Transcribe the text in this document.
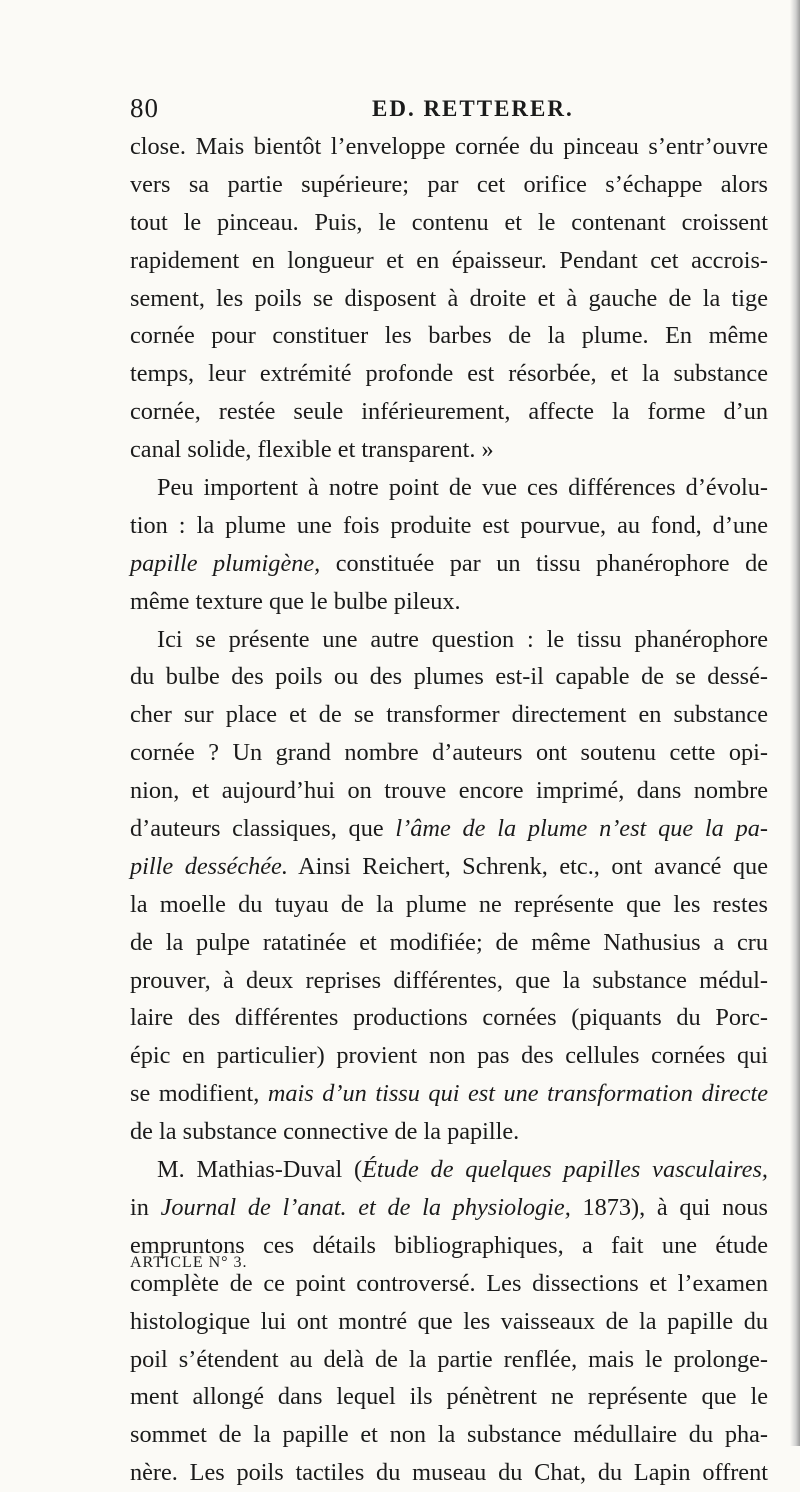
80	ED. RETTERER.
close. Mais bientôt l’enveloppe cornée du pinceau s’entr’ouvre
vers sa partie supérieure; par cet orifice s’échappe alors
tout le pinceau. Puis, le contenu et le contenant croissent
rapidement en longueur et en épaisseur. Pendant cet accrois-
sement, les poils se disposent à droite et à gauche de la tige
cornée pour constituer les barbes de la plume. En même
temps, leur extrémité profonde est résorbée, et la substance
cornée, restée seule inférieurement, affecte la forme d’un
canal solide, flexible et transparent. »
Peu importent à notre point de vue ces différences d’évolu-
tion : la plume une fois produite est pourvue, au fond, d’une
papille plumigène, constituée par un tissu phanérophore de
même texture que le bulbe pileux.
Ici se présente une autre question : le tissu phanérophore
du bulbe des poils ou des plumes est-il capable de se dessé-
cher sur place et de se transformer directement en substance
cornée ? Un grand nombre d’auteurs ont soutenu cette opi-
nion, et aujourd’hui on trouve encore imprimé, dans nombre
d’auteurs classiques, que l’âme de la plume n’est que la pa-
pille desséchée. Ainsi Reichert, Schrenk, etc., ont avancé que
la moelle du tuyau de la plume ne représente que les restes
de la pulpe ratatinée et modifiée; de même Nathusius a cru
prouver, à deux reprises différentes, que la substance médul-
laire des différentes productions cornées (piquants du Porc-
épic en particulier) provient non pas des cellules cornées qui
se modifient, mais d’un tissu qui est une transformation directe
de la substance connective de la papille.
M. Mathias-Duval (Étude de quelques papilles vasculaires,
in Journal de l’anat. et de la physiologie, 1873), à qui nous
empruntons ces détails bibliographiques, a fait une étude
complète de ce point controversé. Les dissections et l’examen
histologique lui ont montré que les vaisseaux de la papille du
poil s’étendent au delà de la partie renflée, mais le prolonge-
ment allongé dans lequel ils pénètrent ne représente que le
sommet de la papille et non la substance médullaire du pha-
nère. Les poils tactiles du museau du Chat, du Lapin offrent
ARTICLE N° 3.
